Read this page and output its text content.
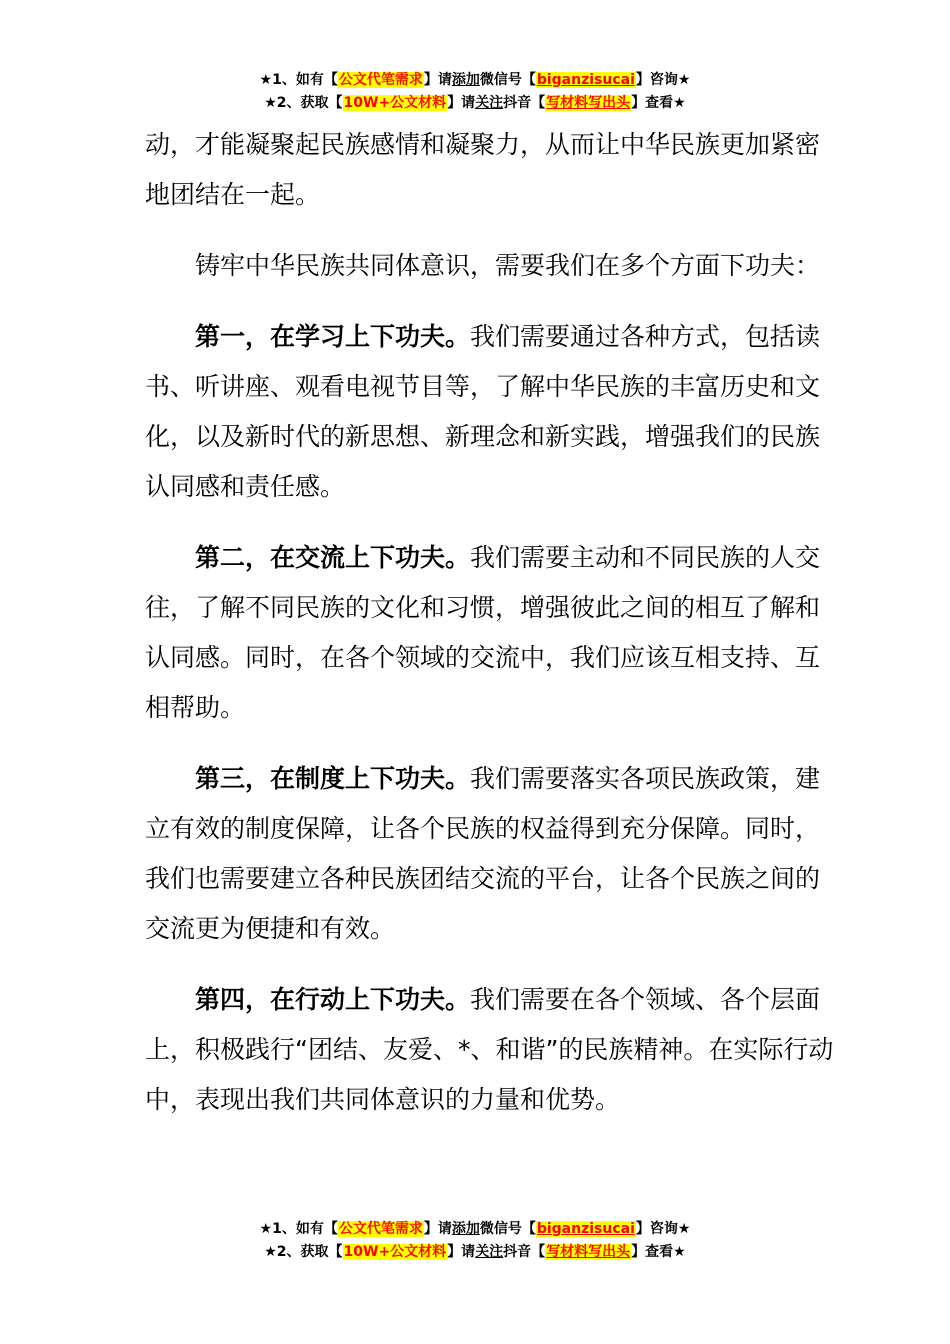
★1、如有【公文代笔需求】请添加微信号【biganzisucai】咨询★
★2、获取【10W+公文材料】请关注抖音【写材料写出头】查看★

动，才能凝聚起民族感情和凝聚力，从而让中华民族更加紧密地团结在一起。

铸牢中华民族共同体意识，需要我们在多个方面下功夫：

第一，在学习上下功夫。我们需要通过各种方式，包括读书、听讲座、观看电视节目等，了解中华民族的丰富历史和文化，以及新时代的新思想、新理念和新实践，增强我们的民族认同感和责任感。

第二，在交流上下功夫。我们需要主动和不同民族的人交往，了解不同民族的文化和习惯，增强彼此之间的相互了解和认同感。同时，在各个领域的交流中，我们应该互相支持、互相帮助。

第三，在制度上下功夫。我们需要落实各项民族政策，建立有效的制度保障，让各个民族的权益得到充分保障。同时，我们也需要建立各种民族团结交流的平台，让各个民族之间的交流更为便捷和有效。

第四，在行动上下功夫。我们需要在各个领域、各个层面上，积极践行“团结、友爱、*、和谐”的民族精神。在实际行动中，表现出我们共同体意识的力量和优势。

★1、如有【公文代笔需求】请添加微信号【biganzisucai】咨询★
★2、获取【10W+公文材料】请关注抖音【写材料写出头】查看★
